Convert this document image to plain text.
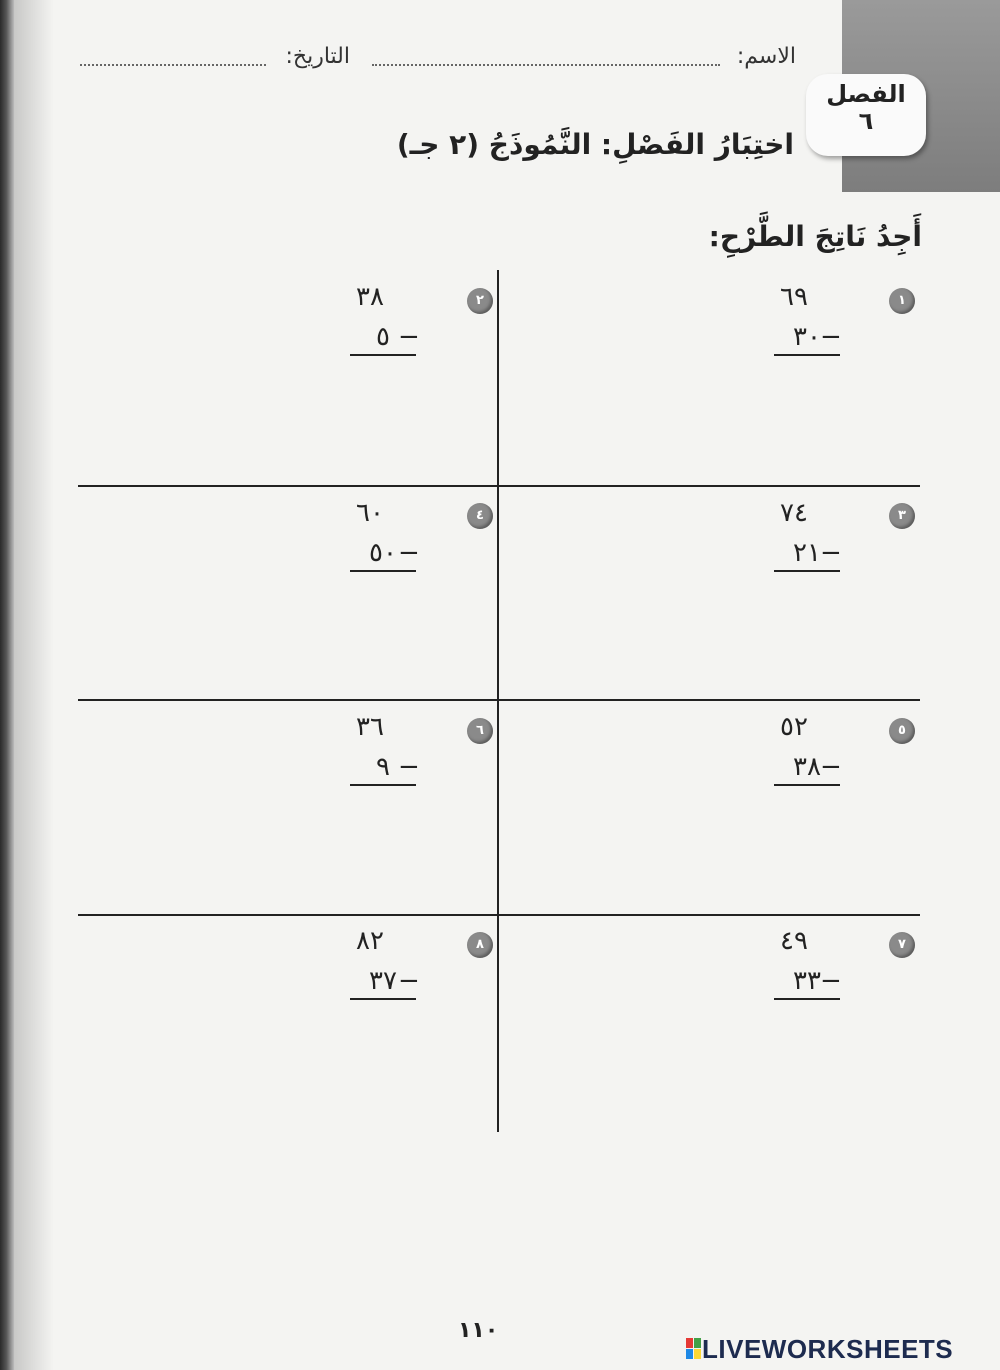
الفصل
٦
الاسم:
التاريخ:
اختِبَارُ الفَصْلِ: النَّمُوذَجُ (٢ جـ)
أَجِدُ نَاتِجَ الطَّرْحِ:
١
٦٩
٣٠ −
٢
٣٨
٥ −
٣
٧٤
٢١ −
٤
٦٠
٥٠ −
٥
٥٢
٣٨ −
٦
٣٦
٩ −
٧
٤٩
٣٣ −
٨
٨٢
٣٧ −
١١٠
LIVEWORKSHEETS
